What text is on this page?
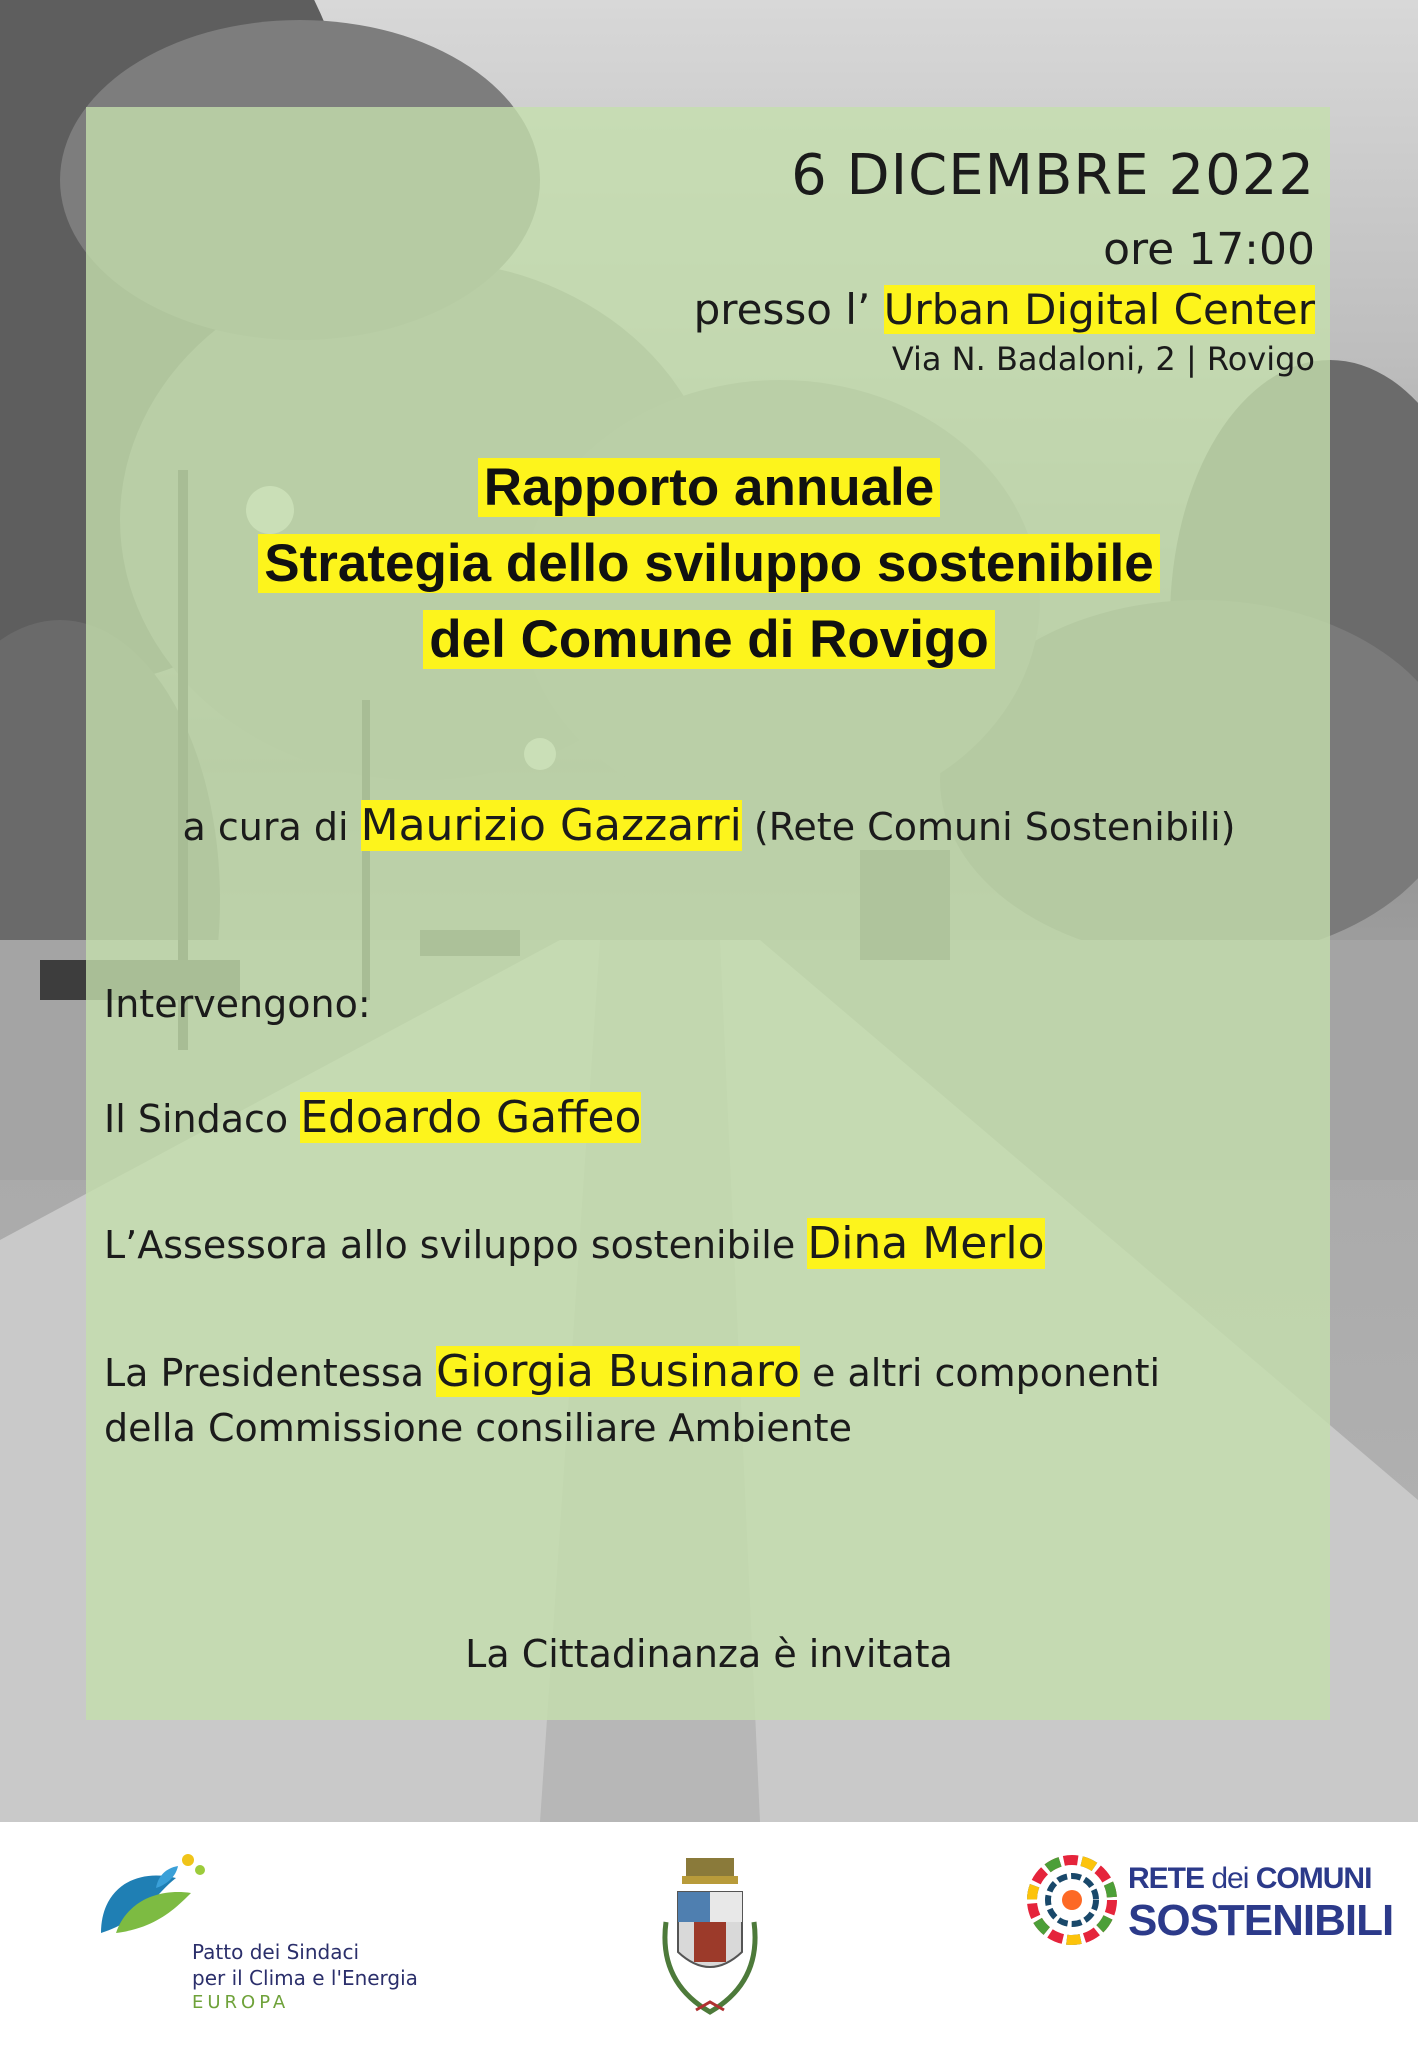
6 DICEMBRE 2022
ore 17:00
presso l’ Urban Digital Center
Via N. Badaloni, 2 | Rovigo
Rapporto annuale
Strategia dello sviluppo sostenibile
del Comune di Rovigo
a cura di Maurizio Gazzarri (Rete Comuni Sostenibili)
Intervengono:
Il Sindaco Edoardo Gaffeo
L’Assessora allo sviluppo sostenibile Dina Merlo
La Presidentessa Giorgia Businaro e altri componenti
della Commissione consiliare Ambiente
La Cittadinanza è invitata
Patto dei Sindaci
per il Clima e l'Energia
EUROPA
RETE dei COMUNI
SOSTENIBILI
